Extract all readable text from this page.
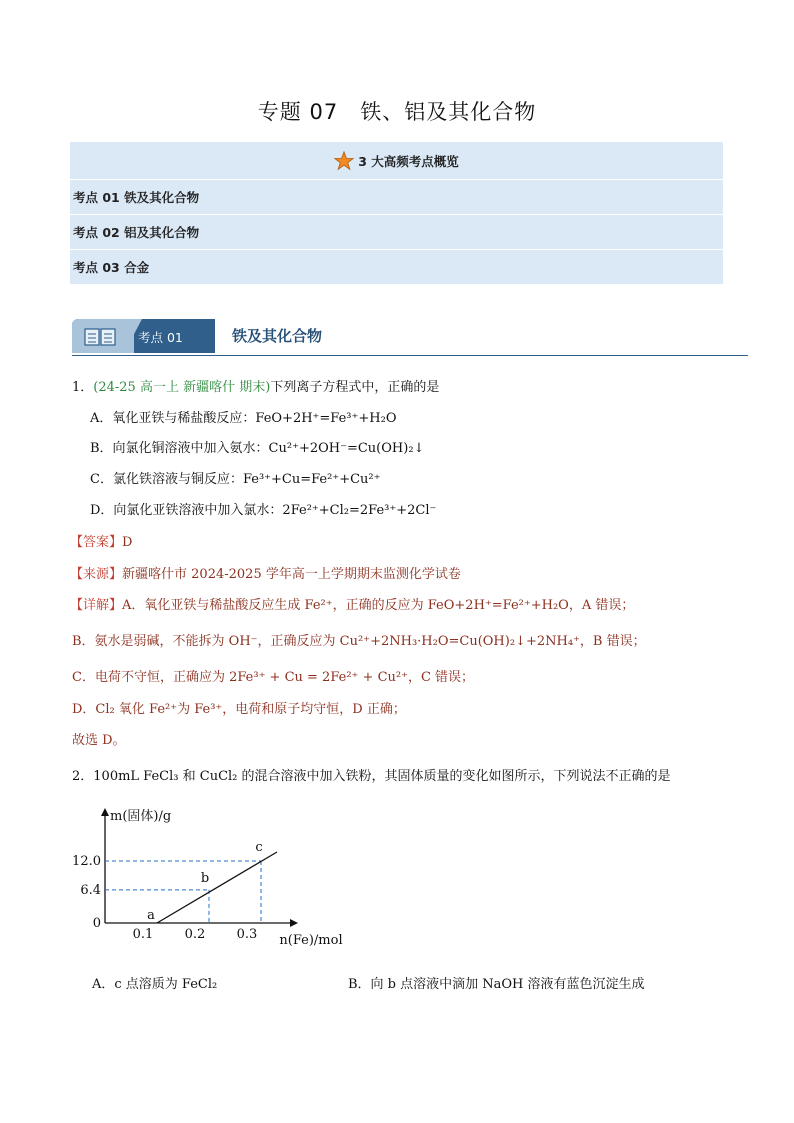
专题 07　铁、铝及其化合物
3 大高频考点概览
考点 01 铁及其化合物
考点 02 铝及其化合物
考点 03 合金
考点 01	铁及其化合物
1．(24-25 高一上 新疆喀什 期末)下列离子方程式中，正确的是
A．氧化亚铁与稀盐酸反应：FeO+2H⁺=Fe³⁺+H₂O
B．向氯化铜溶液中加入氨水：Cu²⁺+2OH⁻=Cu(OH)₂↓
C．氯化铁溶液与铜反应：Fe³⁺+Cu=Fe²⁺+Cu²⁺
D．向氯化亚铁溶液中加入氯水：2Fe²⁺+Cl₂=2Fe³⁺+2Cl⁻
【答案】D
【来源】新疆喀什市 2024-2025 学年高一上学期期末监测化学试卷
【详解】A．氧化亚铁与稀盐酸反应生成 Fe²⁺，正确的反应为 FeO+2H⁺=Fe²⁺+H₂O，A 错误；
B．氨水是弱碱，不能拆为 OH⁻，正确反应为 Cu²⁺+2NH₃·H₂O=Cu(OH)₂↓+2NH₄⁺，B 错误；
C．电荷不守恒，正确应为 2Fe³⁺ + Cu = 2Fe²⁺ + Cu²⁺，C 错误；
D．Cl₂ 氧化 Fe²⁺为 Fe³⁺，电荷和原子均守恒，D 正确；
故选 D。
2．100mL FeCl₃ 和 CuCl₂ 的混合溶液中加入铁粉，其固体质量的变化如图所示，下列说法不正确的是
m(固体)/g
n(Fe)/mol
0
6.4
12.0
0.1 0.2 0.3
a
b
c
A．c 点溶质为 FeCl₂	B．向 b 点溶液中滴加 NaOH 溶液有蓝色沉淀生成
